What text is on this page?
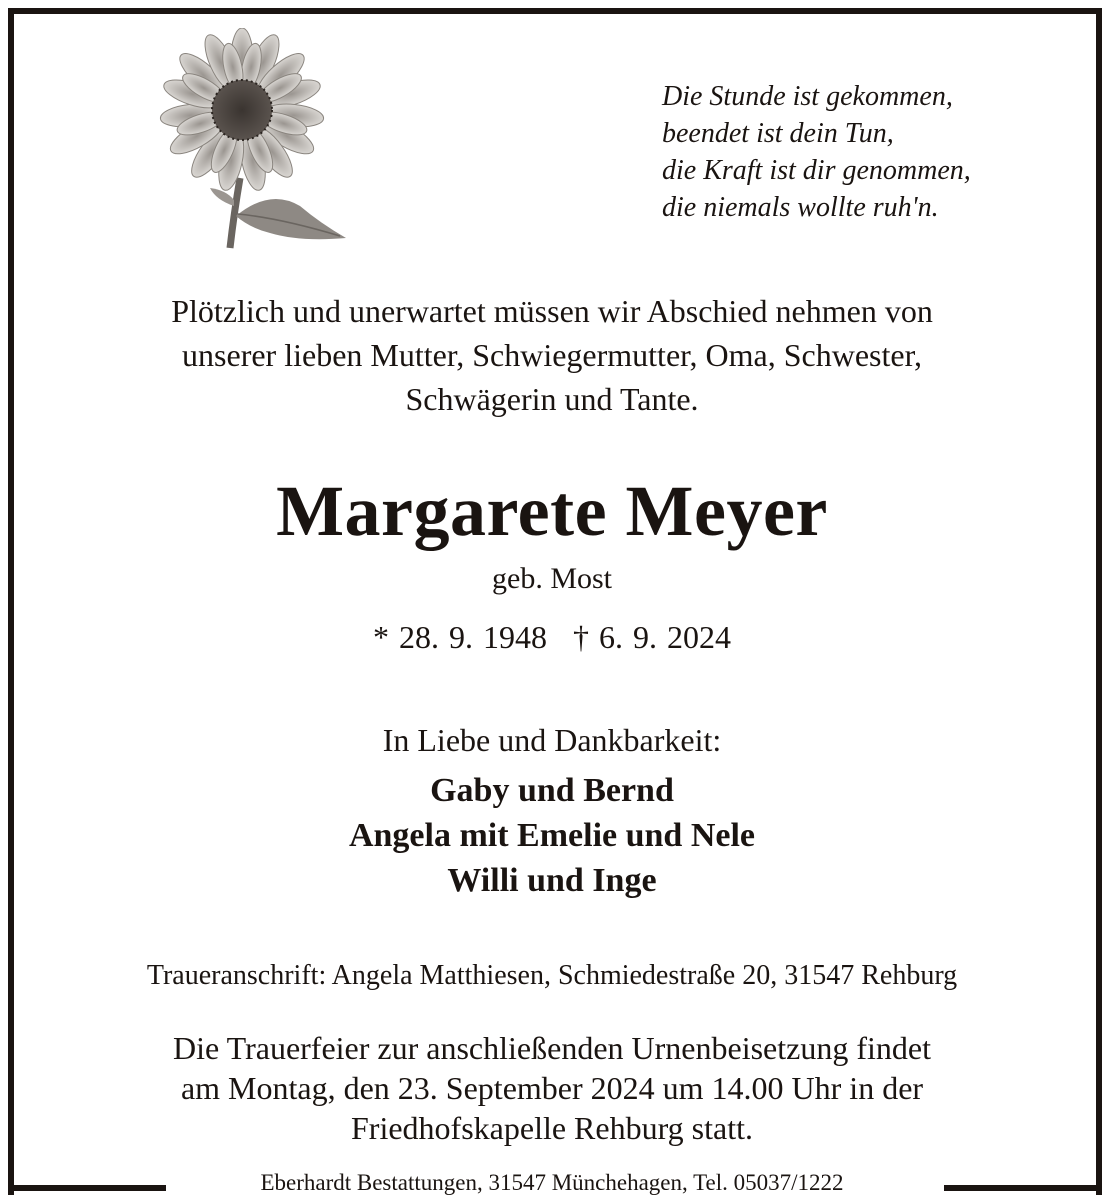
Die Stunde ist gekommen,
beendet ist dein Tun,
die Kraft ist dir genommen,
die niemals wollte ruh'n.
Plötzlich und unerwartet müssen wir Abschied nehmen von
unserer lieben Mutter, Schwiegermutter, Oma, Schwester,
Schwägerin und Tante.
Margarete Meyer
geb. Most
* 28. 9. 1948 † 6. 9. 2024
In Liebe und Dankbarkeit:
Gaby und Bernd
Angela mit Emelie und Nele
Willi und Inge
Traueranschrift: Angela Matthiesen, Schmiedestraße 20, 31547 Rehburg
Die Trauerfeier zur anschließenden Urnenbeisetzung findet
am Montag, den 23. September 2024 um 14.00 Uhr in der
Friedhofskapelle Rehburg statt.
Eberhardt Bestattungen, 31547 Münchehagen, Tel. 05037/1222
